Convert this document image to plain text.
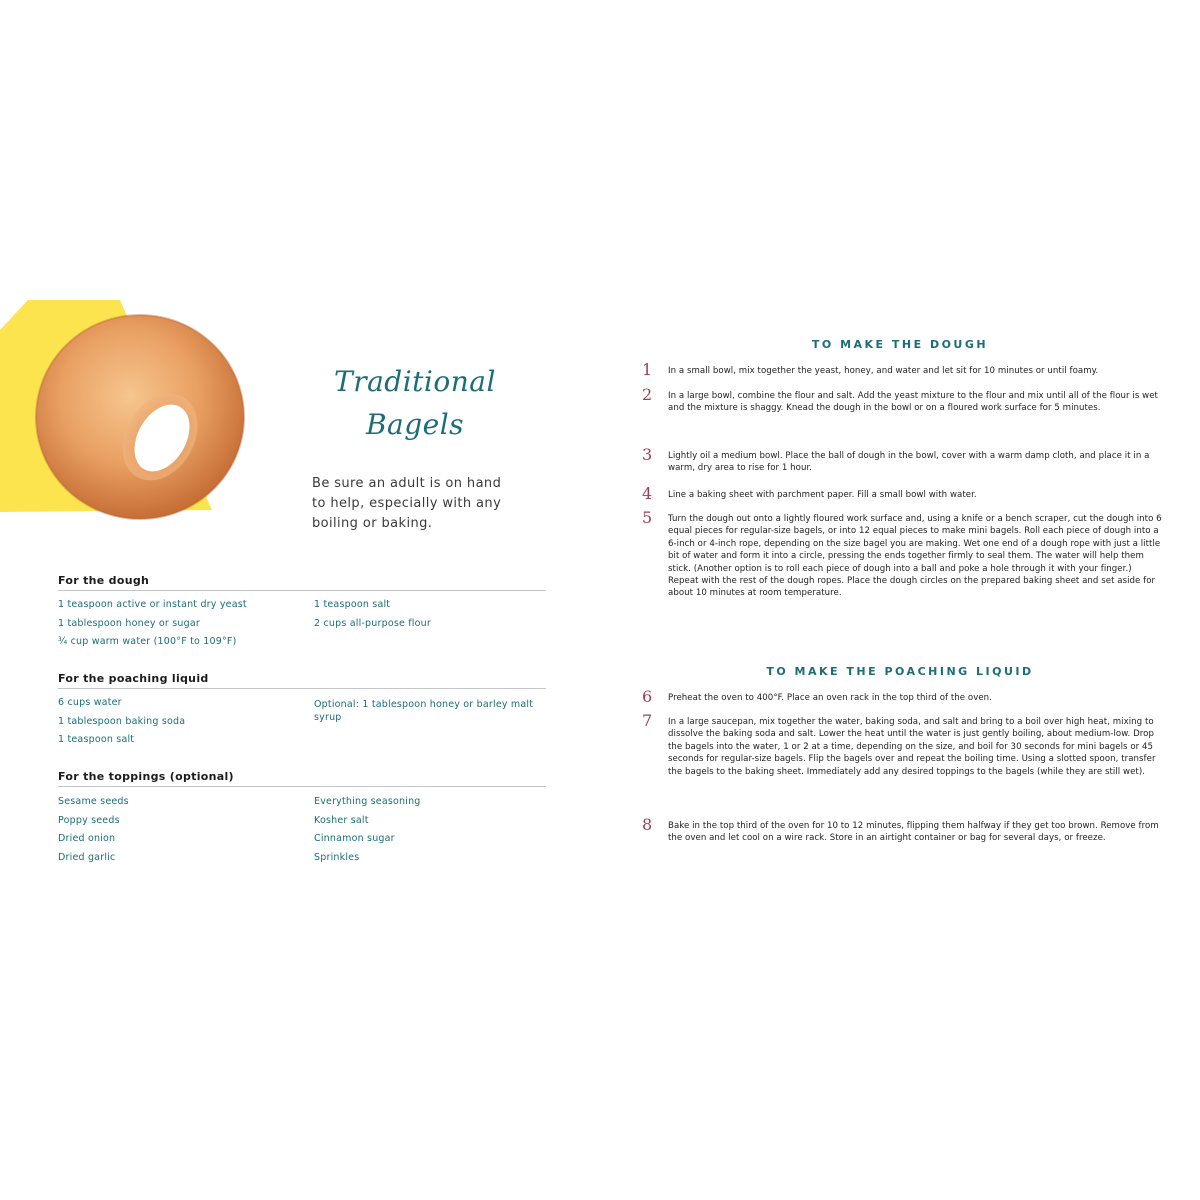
Traditional
Bagels
Be sure an adult is on hand to help, especially with any boiling or baking.
For the dough
1 teaspoon active or instant dry yeast
1 tablespoon honey or sugar
¾ cup warm water (100°F to 109°F)
1 teaspoon salt
2 cups all-purpose flour
For the poaching liquid
6 cups water
1 tablespoon baking soda
1 teaspoon salt
Optional: 1 tablespoon honey or barley malt syrup
For the toppings (optional)
Sesame seeds
Poppy seeds
Dried onion
Dried garlic
Everything seasoning
Kosher salt
Cinnamon sugar
Sprinkles
TO MAKE THE DOUGH
1	In a small bowl, mix together the yeast, honey, and water and let sit for 10 minutes or until foamy.
2	In a large bowl, combine the flour and salt. Add the yeast mixture to the flour and mix until all of the flour is wet and the mixture is shaggy. Knead the dough in the bowl or on a floured work surface for 5 minutes.
3	Lightly oil a medium bowl. Place the ball of dough in the bowl, cover with a warm damp cloth, and place it in a warm, dry area to rise for 1 hour.
4	Line a baking sheet with parchment paper. Fill a small bowl with water.
5	Turn the dough out onto a lightly floured work surface and, using a knife or a bench scraper, cut the dough into 6 equal pieces for regular-size bagels, or into 12 equal pieces to make mini bagels. Roll each piece of dough into a 6-inch or 4-inch rope, depending on the size bagel you are making. Wet one end of a dough rope with just a little bit of water and form it into a circle, pressing the ends together firmly to seal them. The water will help them stick. (Another option is to roll each piece of dough into a ball and poke a hole through it with your finger.) Repeat with the rest of the dough ropes. Place the dough circles on the prepared baking sheet and set aside for about 10 minutes at room temperature.
TO MAKE THE POACHING LIQUID
6	Preheat the oven to 400°F. Place an oven rack in the top third of the oven.
7	In a large saucepan, mix together the water, baking soda, and salt and bring to a boil over high heat, mixing to dissolve the baking soda and salt. Lower the heat until the water is just gently boiling, about medium-low. Drop the bagels into the water, 1 or 2 at a time, depending on the size, and boil for 30 seconds for mini bagels or 45 seconds for regular-size bagels. Flip the bagels over and repeat the boiling time. Using a slotted spoon, transfer the bagels to the baking sheet. Immediately add any desired toppings to the bagels (while they are still wet).
8	Bake in the top third of the oven for 10 to 12 minutes, flipping them halfway if they get too brown. Remove from the oven and let cool on a wire rack. Store in an airtight container or bag for several days, or freeze.
